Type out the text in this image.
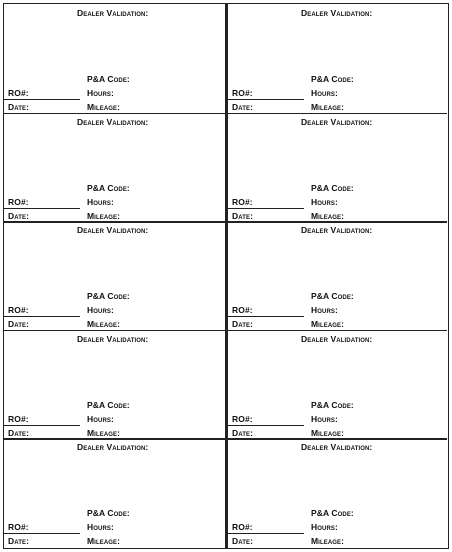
Dealer Validation:
P&A Code:
Hours:
Mileage:
RO#:
Date:
Dealer Validation:
P&A Code:
Hours:
Mileage:
RO#:
Date:
Dealer Validation:
P&A Code:
Hours:
Mileage:
RO#:
Date:
Dealer Validation:
P&A Code:
Hours:
Mileage:
RO#:
Date:
Dealer Validation:
P&A Code:
Hours:
Mileage:
RO#:
Date:
Dealer Validation:
P&A Code:
Hours:
Mileage:
RO#:
Date:
Dealer Validation:
P&A Code:
Hours:
Mileage:
RO#:
Date:
Dealer Validation:
P&A Code:
Hours:
Mileage:
RO#:
Date:
Dealer Validation:
P&A Code:
Hours:
Mileage:
RO#:
Date:
Dealer Validation:
P&A Code:
Hours:
Mileage:
RO#:
Date:
